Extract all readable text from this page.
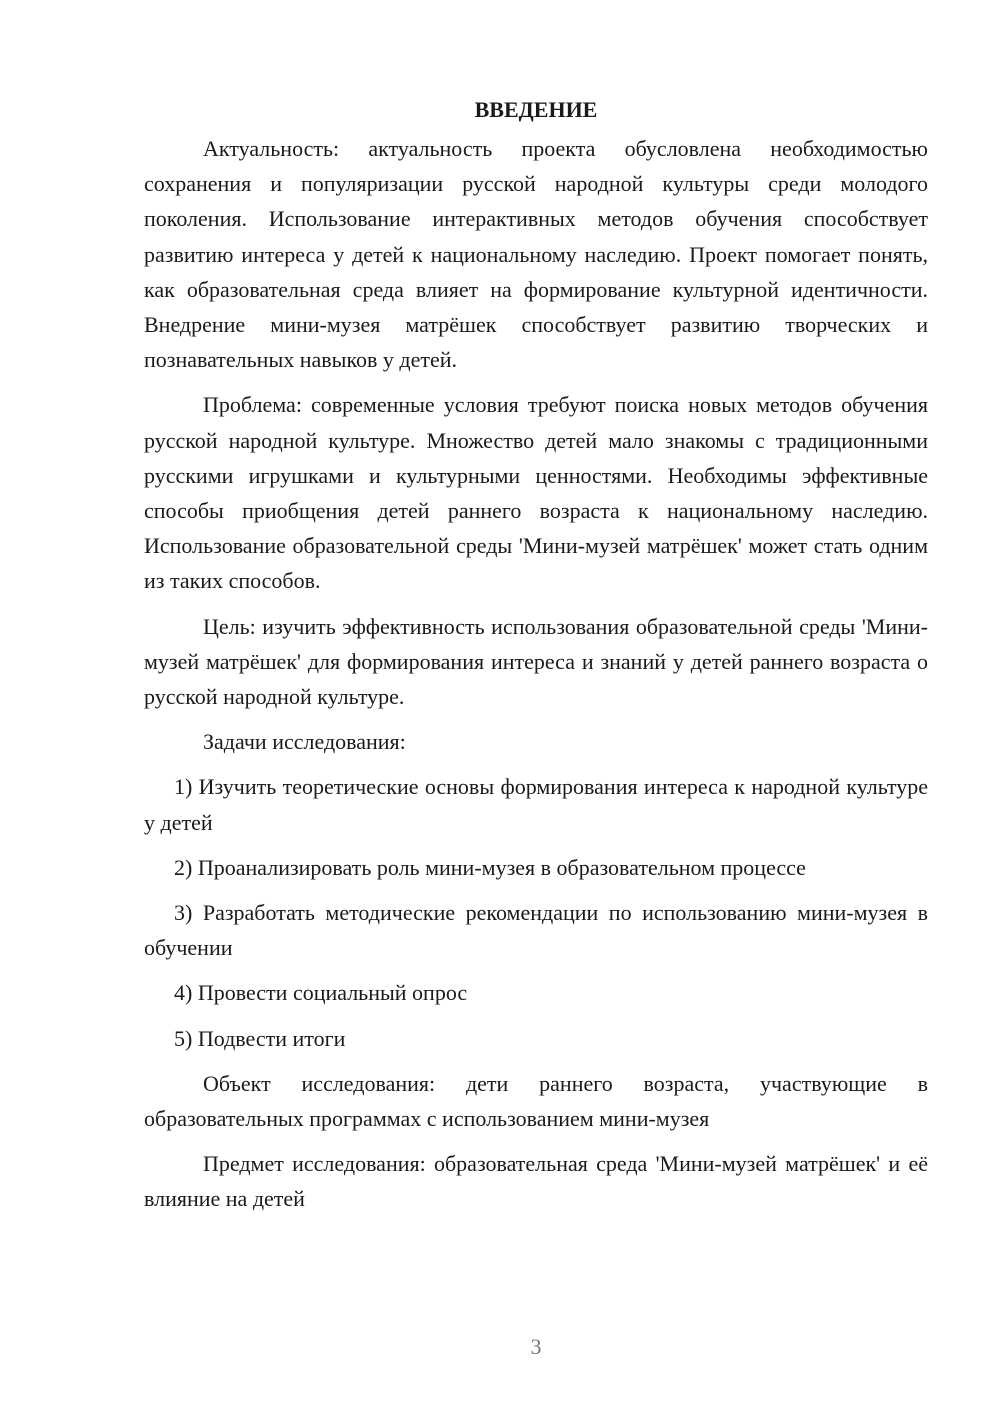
ВВЕДЕНИЕ

Актуальность: актуальность проекта обусловлена необходимостью сохранения и популяризации русской народной культуры среди молодого поколения. Использование интерактивных методов обучения способствует развитию интереса у детей к национальному наследию. Проект помогает понять, как образовательная среда влияет на формирование культурной идентичности. Внедрение мини-музея матрёшек способствует развитию творческих и познавательных навыков у детей.

Проблема: современные условия требуют поиска новых методов обучения русской народной культуре. Множество детей мало знакомы с традиционными русскими игрушками и культурными ценностями. Необходимы эффективные способы приобщения детей раннего возраста к национальному наследию. Использование образовательной среды 'Мини-музей матрёшек' может стать одним из таких способов.

Цель: изучить эффективность использования образовательной среды 'Мини-музей матрёшек' для формирования интереса и знаний у детей раннего возраста о русской народной культуре.

Задачи исследования:

1) Изучить теоретические основы формирования интереса к народной культуре у детей

2) Проанализировать роль мини-музея в образовательном процессе

3) Разработать методические рекомендации по использованию мини-музея в обучении

4) Провести социальный опрос

5) Подвести итоги

Объект исследования: дети раннего возраста, участвующие в образовательных программах с использованием мини-музея

Предмет исследования: образовательная среда 'Мини-музей матрёшек' и её влияние на детей

3
